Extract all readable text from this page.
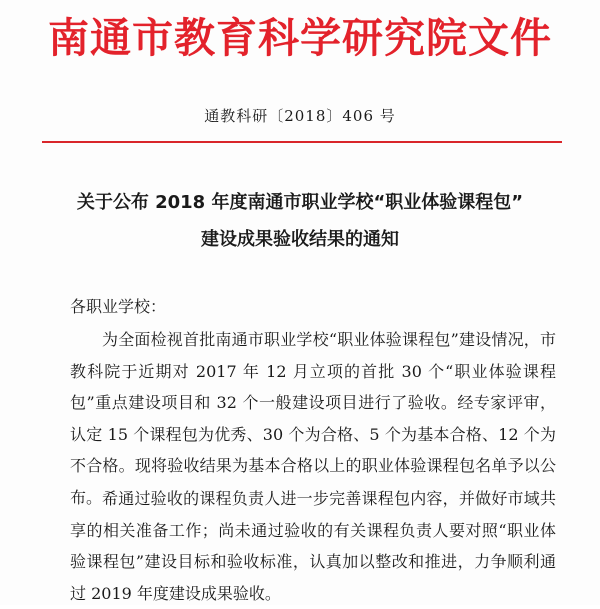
南通市教育科学研究院文件
通教科研〔2018〕406 号
关于公布 2018 年度南通市职业学校“职业体验课程包”
建设成果验收结果的通知
各职业学校：
为全面检视首批南通市职业学校“职业体验课程包”建设情况，市教科院于近期对 2017 年 12 月立项的首批 30 个“职业体验课程包”重点建设项目和 32 个一般建设项目进行了验收。经专家评审，认定 15 个课程包为优秀、30 个为合格、5 个为基本合格、12 个为不合格。现将验收结果为基本合格以上的职业体验课程包名单予以公布。 希通过验收的课程负责人进一步完善课程包内容，并做好市域共享的相关准备工作；尚未通过验收的有关课程负责人要对照“职业体验课程包”建设目标和验收标准，认真加以整改和推进，力争顺利通过 2019 年度建设成果验收。
